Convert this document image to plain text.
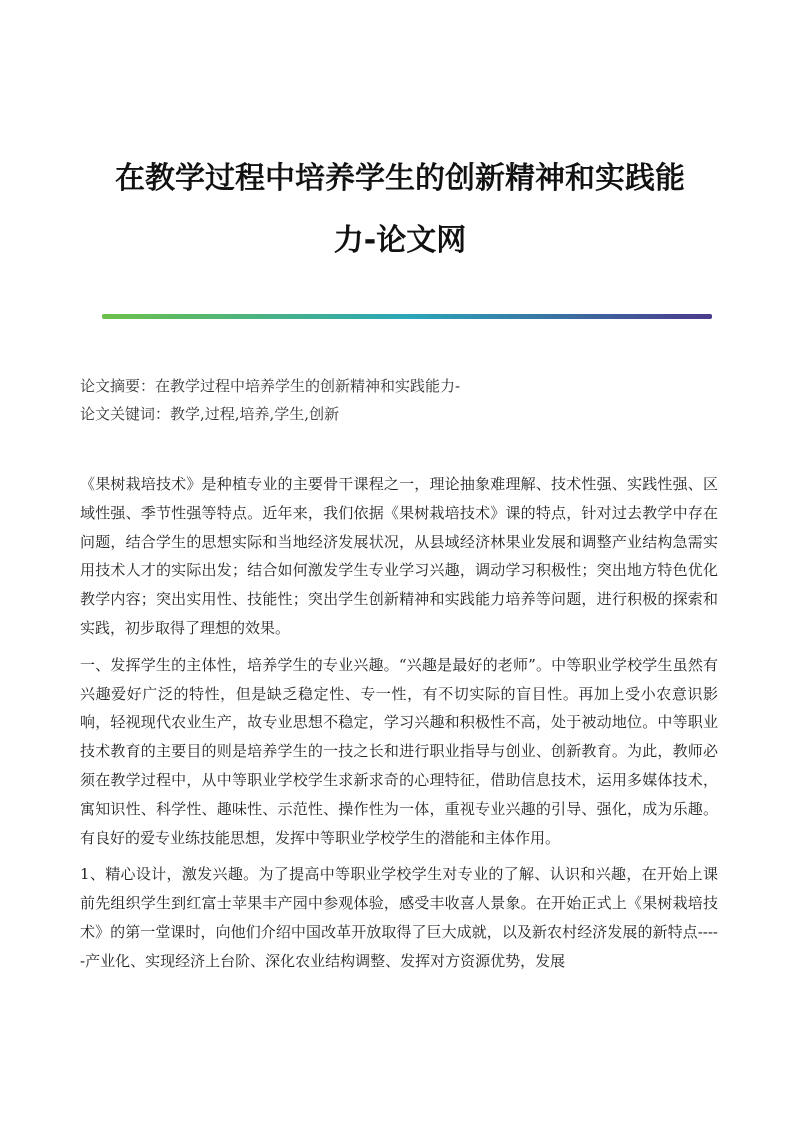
在教学过程中培养学生的创新精神和实践能
力-论文网
论文摘要：在教学过程中培养学生的创新精神和实践能力-
论文关键词：教学,过程,培养,学生,创新

《果树栽培技术》是种植专业的主要骨干课程之一，理论抽象难理解、技术性强、实践性强、区域性强、季节性强等特点。近年来，我们依据《果树栽培技术》课的特点，针对过去教学中存在问题，结合学生的思想实际和当地经济发展状况，从县域经济林果业发展和调整产业结构急需实用技术人才的实际出发；结合如何激发学生专业学习兴趣，调动学习积极性；突出地方特色优化教学内容；突出实用性、技能性；突出学生创新精神和实践能力培养等问题，进行积极的探索和实践，初步取得了理想的效果。

一、发挥学生的主体性，培养学生的专业兴趣。“兴趣是最好的老师”。中等职业学校学生虽然有兴趣爱好广泛的特性，但是缺乏稳定性、专一性，有不切实际的盲目性。再加上受小农意识影响，轻视现代农业生产，故专业思想不稳定，学习兴趣和积极性不高，处于被动地位。中等职业技术教育的主要目的则是培养学生的一技之长和进行职业指导与创业、创新教育。为此，教师必须在教学过程中，从中等职业学校学生求新求奇的心理特征，借助信息技术，运用多媒体技术，寓知识性、科学性、趣味性、示范性、操作性为一体，重视专业兴趣的引导、强化，成为乐趣。有良好的爱专业练技能思想，发挥中等职业学校学生的潜能和主体作用。

1、精心设计，激发兴趣。为了提高中等职业学校学生对专业的了解、认识和兴趣，在开始上课前先组织学生到红富士苹果丰产园中参观体验，感受丰收喜人景象。在开始正式上《果树栽培技术》的第一堂课时，向他们介绍中国改革开放取得了巨大成就，以及新农村经济发展的新特点-----产业化、实现经济上台阶、深化农业结构调整、发挥对方资源优势，发展
